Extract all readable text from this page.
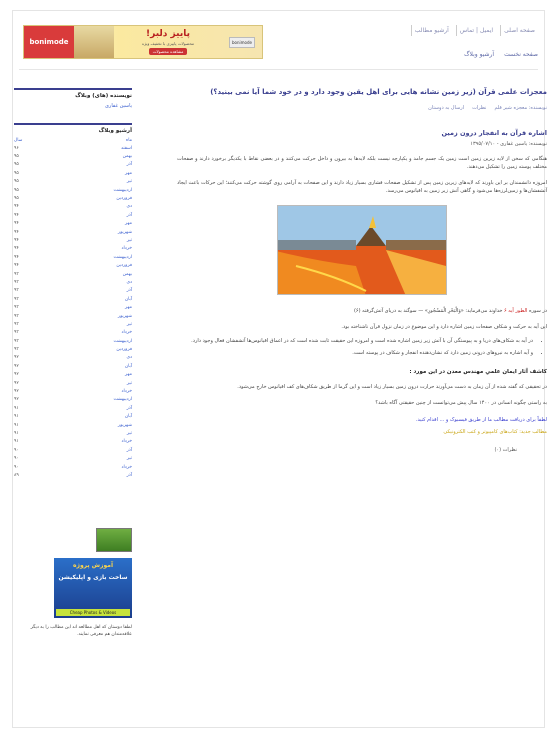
صفحه اصلی
ایمیل | تماس
آرشیو مطالب
صفحه نخست
آرشیو وبلاگ
bonimode
پاییز دلبر!
محصولات پاییزی با تخفیف ویژه
مشاهده محصولات
bonimode
معجزات علمی قرآن (زیر زمین نشانه هایی برای اهل یقین وجود دارد و در خود شما آیا نمی بینید؟)
نویسنده: معجزه شیر قلم
نظرات
ارسال به دوستان
اشاره قرآن به انفجار درون زمین
نویسنده: یاسین غفاری - ۱۳۹۵/۰۷/۱۰
هنگامی که سخن از لایه زیرین زمین است زمین یک جسم جامد و یکپارچه نیست بلکه لایه‌ها به بیرون و داخل حرکت می‌کنند و در بعضی نقاط با یکدیگر برخورد دارند و صفحات مختلف پوسته زمین را تشکیل می‌دهند.
امروزه دانشمندان بر این باورند که لایه‌های زیرین زمین پس از تشکیل صفحات فشاری بسیار زیاد دارند و این صفحات به آرامی روی گوشته حرکت می‌کنند؛ این حرکات باعث ایجاد آتشفشان‌ها و زمین‌لرزه‌ها می‌شود و گاهی آتش زیر زمین به اقیانوس می‌رسد.
در سوره الطور آیه ۶ خداوند می‌فرماید: «وَالْبَحْرِ الْمَسْجُورِ» — سوگند به دریای آتش‌گرفته (۶)
این آیه به حرکت و شکاف صفحات زمین اشاره دارد و این موضوع در زمان نزول قرآن ناشناخته بود.
• در آیه به شکاف‌های دریا و به پیوستگی آن با آتش زیر زمین اشاره شده است و امروزه این حقیقت ثابت شده است که در اعماق اقیانوس‌ها آتشفشان فعال وجود دارد.
• و آیه اشاره به نیروهای درونی زمین دارد که نشان‌دهنده انفجار و شکاف در پوسته است.
کاشف آثار ایمان علمیِ مهندس معدن در این مورد :
در تحقیقی که گفته شده از آن زمان به دست می‌آورند حرارت درون زمین بسیار زیاد است و این گرما از طریق شکاف‌های کف اقیانوس خارج می‌شود.
به راستی چگونه انسانی در ۱۴۰۰ سال پیش می‌توانست از چنین حقیقتی آگاه باشد؟
لطفاً برای دریافت مطالب ما از طریق فیسبوک و ... اقدام کنید.
مطالب جدید: کتاب‌های کامپیوتر و کتب الکترونیکی
نظرات (۰)
نویسنده (های) وبلاگ
یاسین غفاری
آرشیو وبلاگ
ماه	سال
اسفند	۹۶
بهمن	۹۵
آذر	۹۵
مهر	۹۵
تیر	۹۵
اردیبهشت	۹۵
فروردین	۹۵
دی	۹۴
آذر	۹۴
مهر	۹۴
شهریور	۹۴
تیر	۹۴
خرداد	۹۴
اردیبهشت	۹۴
فروردین	۹۴
بهمن	۹۳
دی	۹۳
آذر	۹۳
آبان	۹۳
مهر	۹۳
شهریور	۹۳
تیر	۹۳
خرداد	۹۳
اردیبهشت	۹۳
فروردین	۹۳
دی	۹۲
آبان	۹۲
مهر	۹۲
تیر	۹۲
خرداد	۹۲
اردیبهشت	۹۲
آذر	۹۱
آبان	۹۱
شهریور	۹۱
تیر	۹۱
خرداد	۹۱
آذر	۹۰
تیر	۹۰
خرداد	۹۰
آذر	۸۹
آموزش پروژه
ساخت بازی و اپلیکیشن
Cheap Photos & Videos
لطفا دوستان که اهل مطالعه اند این مطالب را به دیگر علاقه‌مندان هم معرفی نمایند.
